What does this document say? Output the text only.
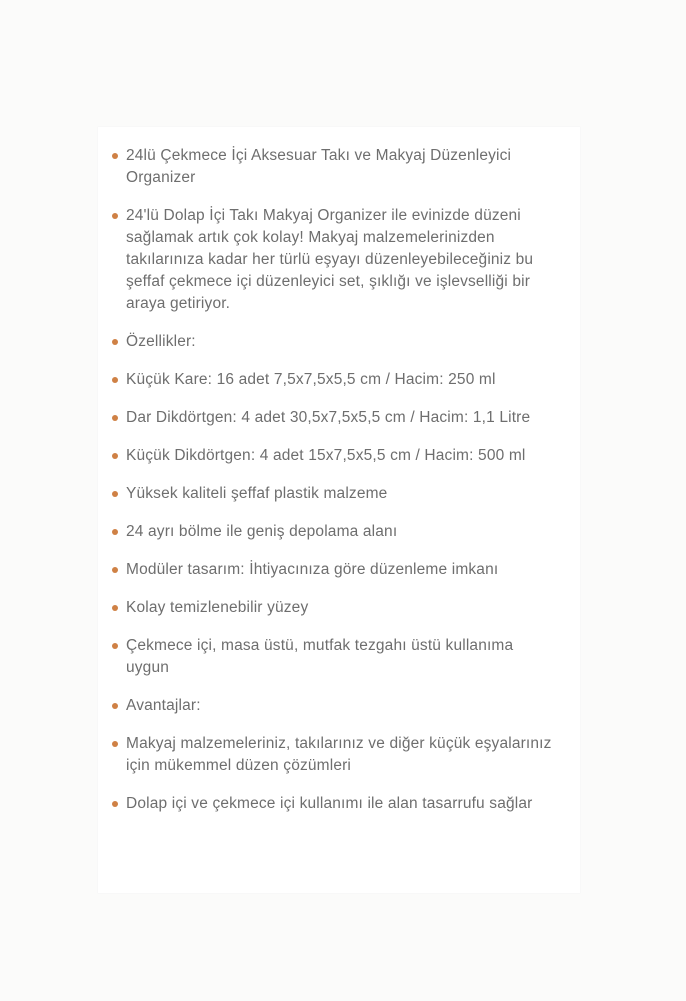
24lü Çekmece İçi Aksesuar Takı ve Makyaj Düzenleyici Organizer
24'lü Dolap İçi Takı Makyaj Organizer ile evinizde düzeni sağlamak artık çok kolay! Makyaj malzemelerinizden takılarınıza kadar her türlü eşyayı düzenleyebileceğiniz bu şeffaf çekmece içi düzenleyici set, şıklığı ve işlevselliği bir araya getiriyor.
Özellikler:
Küçük Kare: 16 adet 7,5x7,5x5,5 cm / Hacim: 250 ml
Dar Dikdörtgen: 4 adet 30,5x7,5x5,5 cm / Hacim: 1,1 Litre
Küçük Dikdörtgen: 4 adet 15x7,5x5,5 cm / Hacim: 500 ml
Yüksek kaliteli şeffaf plastik malzeme
24 ayrı bölme ile geniş depolama alanı
Modüler tasarım: İhtiyacınıza göre düzenleme imkanı
Kolay temizlenebilir yüzey
Çekmece içi, masa üstü, mutfak tezgahı üstü kullanıma uygun
Avantajlar:
Makyaj malzemeleriniz, takılarınız ve diğer küçük eşyalarınız için mükemmel düzen çözümleri
Dolap içi ve çekmece içi kullanımı ile alan tasarrufu sağlar
